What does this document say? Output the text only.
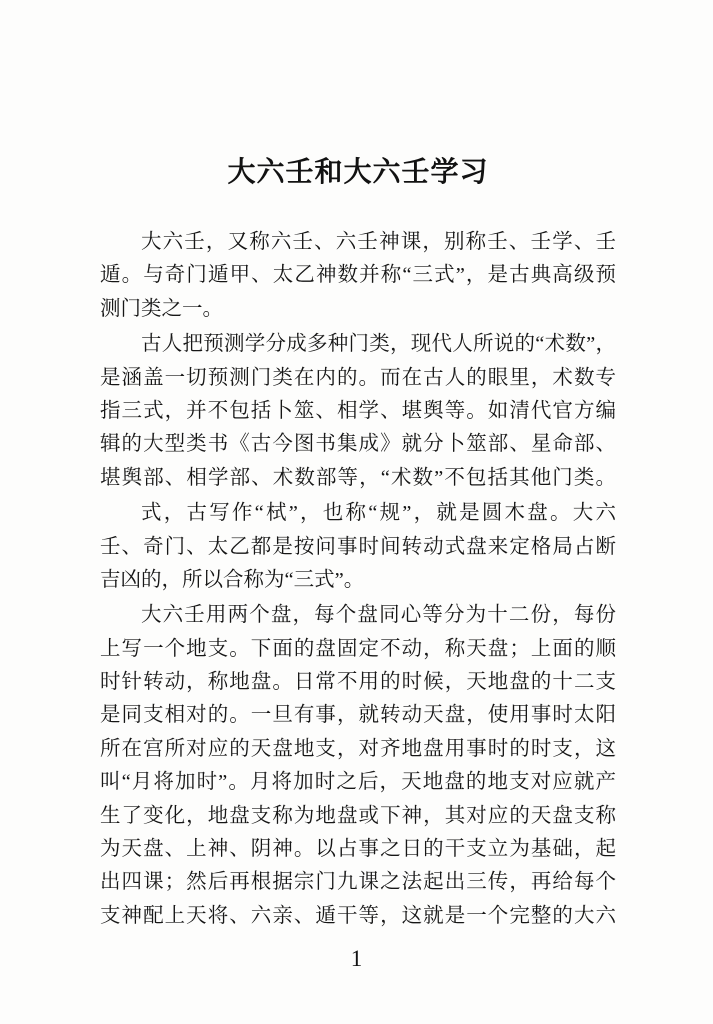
大六壬和大六壬学习
大六壬，又称六壬、六壬神课，别称壬、壬学、壬
遁。与奇门遁甲、太乙神数并称“三式”，是古典高级预
测门类之一。
古人把预测学分成多种门类，现代人所说的“术数”，
是涵盖一切预测门类在内的。而在古人的眼里，术数专
指三式，并不包括卜筮、相学、堪舆等。如清代官方编
辑的大型类书《古今图书集成》就分卜筮部、星命部、
堪舆部、相学部、术数部等，“术数”不包括其他门类。
式，古写作“栻”，也称“规”，就是圆木盘。大六
壬、奇门、太乙都是按问事时间转动式盘来定格局占断
吉凶的，所以合称为“三式”。
大六壬用两个盘，每个盘同心等分为十二份，每份
上写一个地支。下面的盘固定不动，称天盘；上面的顺
时针转动，称地盘。日常不用的时候，天地盘的十二支
是同支相对的。一旦有事，就转动天盘，使用事时太阳
所在宫所对应的天盘地支，对齐地盘用事时的时支，这
叫“月将加时”。月将加时之后，天地盘的地支对应就产
生了变化，地盘支称为地盘或下神，其对应的天盘支称
为天盘、上神、阴神。以占事之日的干支立为基础，起
出四课；然后再根据宗门九课之法起出三传，再给每个
支神配上天将、六亲、遁干等，这就是一个完整的大六
1
